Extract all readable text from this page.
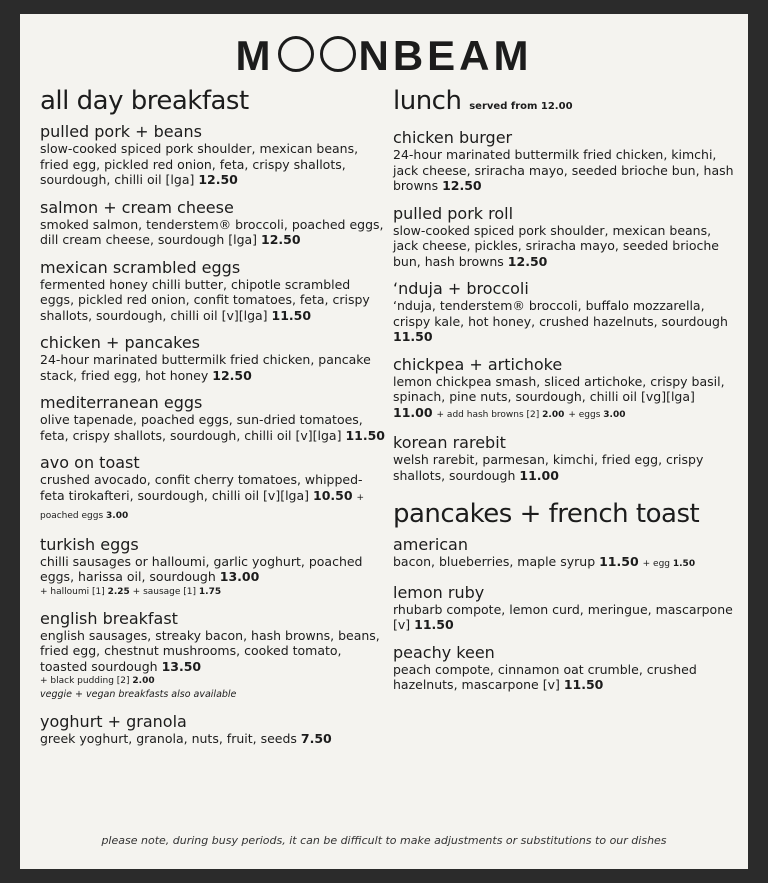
M NBEAM
all day breakfast
pulled pork + beans
slow-cooked spiced pork shoulder, mexican beans, fried egg, pickled red onion, feta, crispy shallots, sourdough, chilli oil [lga] 12.50
salmon + cream cheese
smoked salmon, tenderstem® broccoli, poached eggs, dill cream cheese, sourdough [lga] 12.50
mexican scrambled eggs
fermented honey chilli butter, chipotle scrambled eggs, pickled red onion, confit tomatoes, feta, crispy shallots, sourdough, chilli oil [v][lga] 11.50
chicken + pancakes
24-hour marinated buttermilk fried chicken, pancake stack, fried egg, hot honey 12.50
mediterranean eggs
olive tapenade, poached eggs, sun-dried tomatoes, feta, crispy shallots, sourdough, chilli oil [v][lga] 11.50
avo on toast
crushed avocado, confit cherry tomatoes, whipped-feta tirokafteri, sourdough, chilli oil [v][lga] 10.50 + poached eggs 3.00
turkish eggs
chilli sausages or halloumi, garlic yoghurt, poached eggs, harissa oil, sourdough 13.00
+ halloumi [1] 2.25 + sausage [1] 1.75
english breakfast
english sausages, streaky bacon, hash browns, beans, fried egg, chestnut mushrooms, cooked tomato, toasted sourdough 13.50
+ black pudding [2] 2.00
veggie + vegan breakfasts also available
yoghurt + granola
greek yoghurt, granola, nuts, fruit, seeds 7.50
lunch served from 12.00
chicken burger
24-hour marinated buttermilk fried chicken, kimchi, jack cheese, sriracha mayo, seeded brioche bun, hash browns 12.50
pulled pork roll
slow-cooked spiced pork shoulder, mexican beans, jack cheese, pickles, sriracha mayo, seeded brioche bun, hash browns 12.50
‘nduja + broccoli
‘nduja, tenderstem® broccoli, buffalo mozzarella, crispy kale, hot honey, crushed hazelnuts, sourdough 11.50
chickpea + artichoke
lemon chickpea smash, sliced artichoke, crispy basil, spinach, pine nuts, sourdough, chilli oil [vg][lga] 11.00 + add hash browns [2] 2.00 + eggs 3.00
korean rarebit
welsh rarebit, parmesan, kimchi, fried egg, crispy shallots, sourdough 11.00
pancakes + french toast
american
bacon, blueberries, maple syrup 11.50 + egg 1.50
lemon ruby
rhubarb compote, lemon curd, meringue, mascarpone [v] 11.50
peachy keen
peach compote, cinnamon oat crumble, crushed hazelnuts, mascarpone [v] 11.50
please note, during busy periods, it can be difficult to make adjustments or substitutions to our dishes
